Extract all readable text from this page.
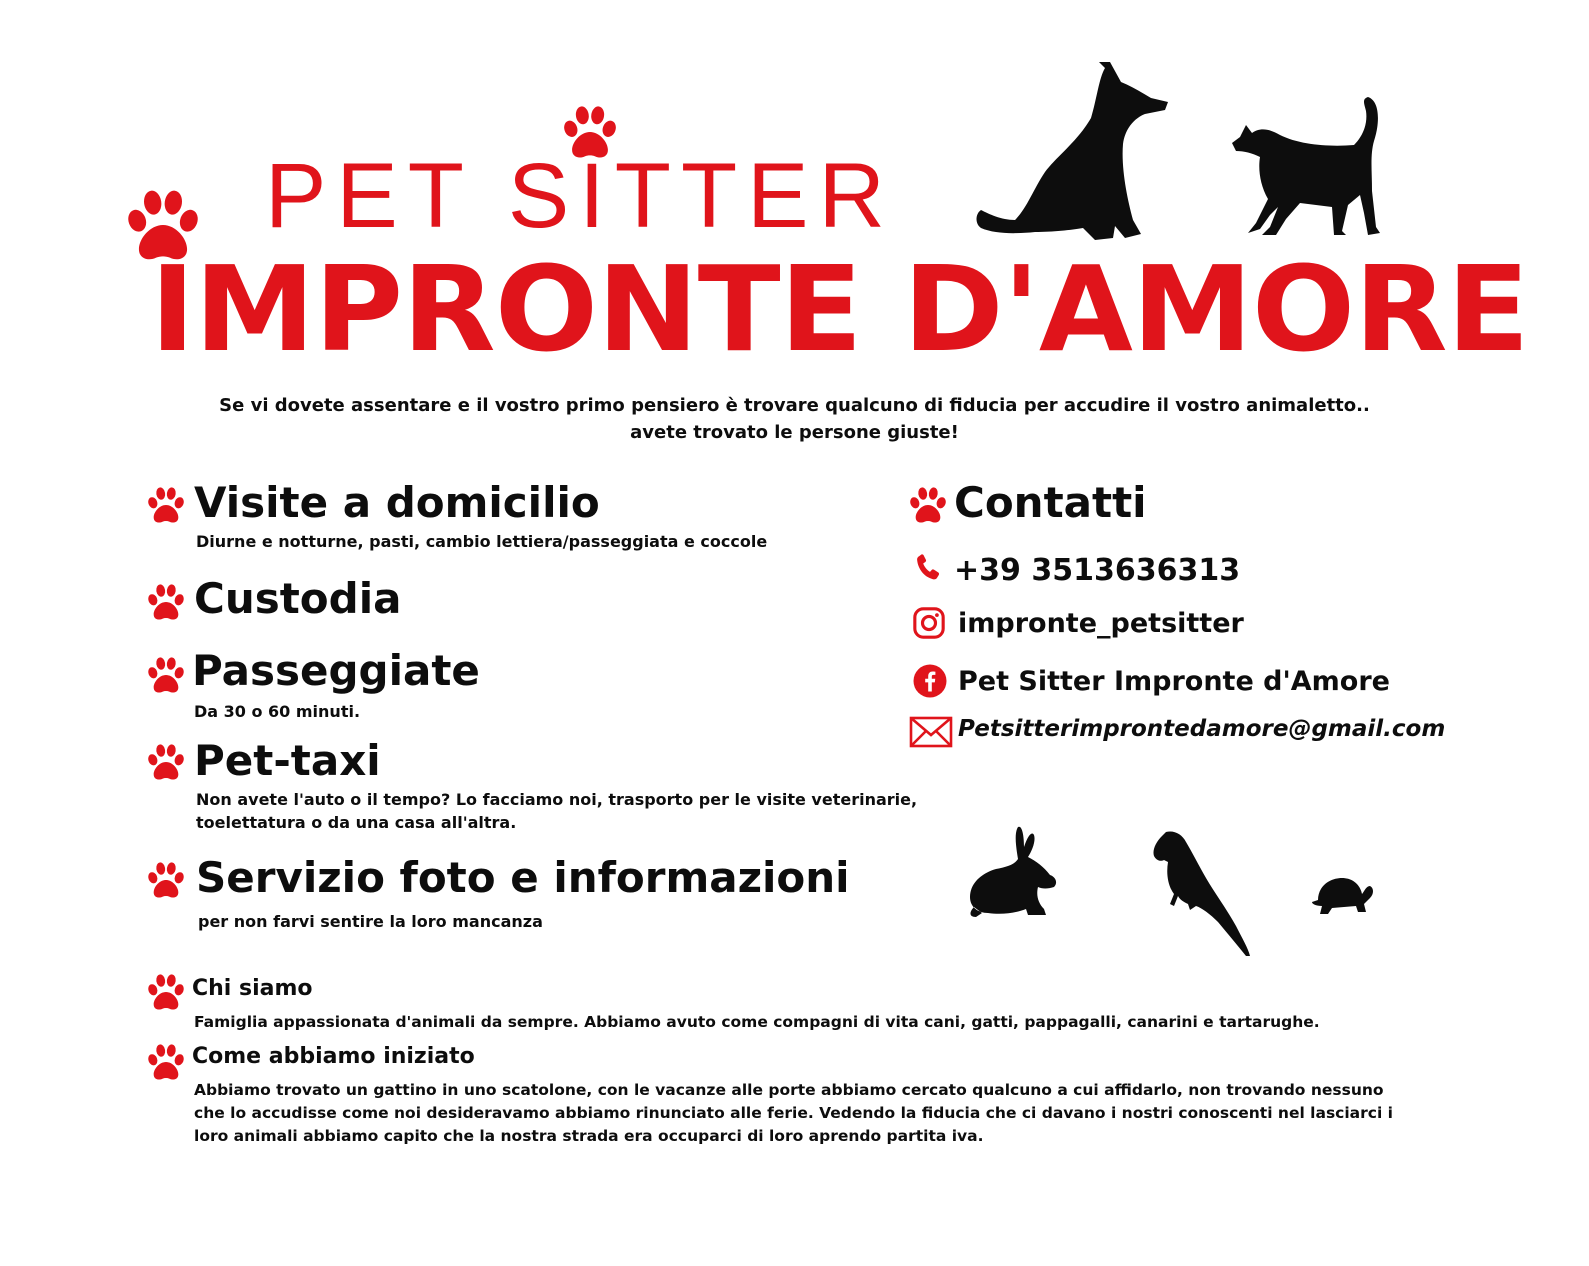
PET SITTER
IMPRONTE D'AMORE
Se vi dovete assentare e il vostro primo pensiero è trovare qualcuno di fiducia per accudire il vostro animaletto..
avete trovato le persone giuste!
Visite a domicilio
Diurne e notturne, pasti, cambio lettiera/passeggiata e coccole
Custodia
Passeggiate
Da 30 o 60 minuti.
Pet-taxi
Non avete l'auto o il tempo? Lo facciamo noi, trasporto per le visite veterinarie,
toelettatura o da una casa all'altra.
Servizio foto e informazioni
per non farvi sentire la loro mancanza
Contatti
+39 3513636313
impronte_petsitter
Pet Sitter Impronte d'Amore
Petsitterimprontedamore@gmail.com
Chi siamo
Famiglia appassionata d'animali da sempre. Abbiamo avuto come compagni di vita cani, gatti, pappagalli, canarini e tartarughe.
Come abbiamo iniziato
Abbiamo trovato un gattino in uno scatolone, con le vacanze alle porte abbiamo cercato qualcuno a cui affidarlo, non trovando nessuno
che lo accudisse come noi desideravamo abbiamo rinunciato alle ferie. Vedendo la fiducia che ci davano i nostri conoscenti nel lasciarci i
loro animali abbiamo capito che la nostra strada era occuparci di loro aprendo partita iva.
